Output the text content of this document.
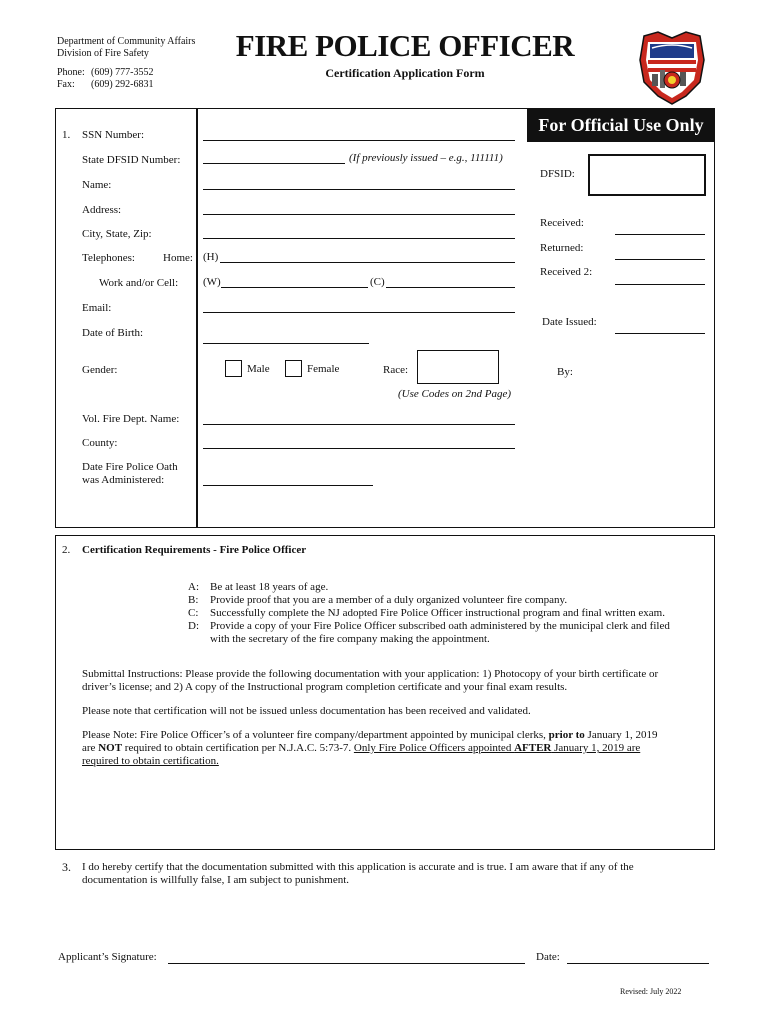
Department of Community Affairs
Division of Fire Safety
Phone: (609) 777-3552
Fax: (609) 292-6831
FIRE POLICE OFFICER
Certification Application Form
For Official Use Only
1. SSN Number:
State DFSID Number:	(If previously issued – e.g., 111111)
Name:
Address:
City, State, Zip:
Telephones:	Home: (H)
Work and/or Cell: (W)	(C)
Email:
Date of Birth:
Gender:	Male	Female	Race:
(Use Codes on 2nd Page)
Vol. Fire Dept. Name:
County:
Date Fire Police Oath
was Administered:
DFSID:
Received:
Returned:
Received 2:
Date Issued:
By:
2. Certification Requirements - Fire Police Officer
A:	Be at least 18 years of age.
B:	Provide proof that you are a member of a duly organized volunteer fire company.
C:	Successfully complete the NJ adopted Fire Police Officer instructional program and final written exam.
D:	Provide a copy of your Fire Police Officer subscribed oath administered by the municipal clerk and filed
with the secretary of the fire company making the appointment.
Submittal Instructions: Please provide the following documentation with your application: 1) Photocopy of your birth certificate or
driver’s license; and 2) A copy of the Instructional program completion certificate and your final exam results.
Please note that certification will not be issued unless documentation has been received and validated.
Please Note: Fire Police Officer’s of a volunteer fire company/department appointed by municipal clerks, prior to January 1, 2019
are NOT required to obtain certification per N.J.A.C. 5:73-7. Only Fire Police Officers appointed AFTER January 1, 2019 are
required to obtain certification.
3. I do hereby certify that the documentation submitted with this application is accurate and is true. I am aware that if any of the
documentation is willfully false, I am subject to punishment.
Applicant’s Signature:	Date:
Revised: July 2022
